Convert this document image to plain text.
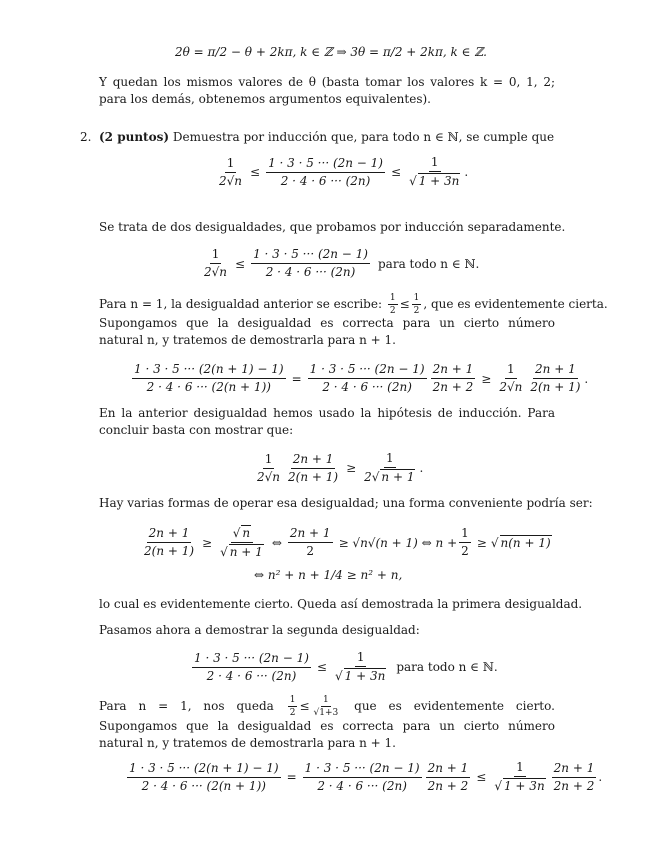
2θ = π/2 − θ + 2kπ, k ∈ ℤ ⇒ 3θ = π/2 + 2kπ, k ∈ ℤ.
Y quedan los mismos valores de θ (basta tomar los valores k = 0, 1, 2; para los demás, obtenemos argumentos equivalentes).
2. (2 puntos) Demuestra por inducción que, para todo n ∈ ℕ, se cumple que
$\frac{1}{2√n} \le \frac{1 \cdot 3 \cdot 5 \cdot\cdot\cdot (2n - 1)}{2 \cdot 4 \cdot 6 \cdot\cdot\cdot (2n)} \le \frac{1}{√ 1 + 3n}$ .
Se trata de dos desigualdades, que probamos por inducción separadamente.
$\frac{1}{2√n} \le \frac{1 \cdot 3 \cdot 5 \cdot\cdot\cdot (2n - 1)}{2 \cdot 4 \cdot 6 \cdot\cdot\cdot (2n)}$ para todo n ∈ ℕ.
Para n = 1, la desigualdad anterior se escribe: $\frac{1}{2} \le \frac{1}{2}$ , que es evidentemente cierta.
Supongamos que la desigualdad es correcta para un cierto número natural n, y tratemos de demostrarla para n + 1.
$\frac{1 \cdot 3 \cdot 5 \cdot\cdot\cdot (2(n + 1) - 1)}{2 \cdot 4 \cdot 6 \cdot\cdot\cdot (2(n + 1))} = \frac{1 \cdot 3 \cdot 5 \cdot\cdot\cdot (2n - 1)}{2 \cdot 4 \cdot 6 \cdot\cdot\cdot (2n)} \frac{2n + 1}{2n + 2} \ge \frac{1}{2√n} \frac{2n + 1}{2(n + 1)}$ .
En la anterior desigualdad hemos usado la hipótesis de inducción. Para concluir basta con mostrar que:
$\frac{1}{2√n} \frac{2n + 1}{2(n + 1)} \ge \frac{1}{2√ n + 1}$ .
Hay varias formas de operar esa desigualdad; una forma conveniente podría ser:
$\frac{2n + 1}{2(n + 1)} \ge \frac{√ n}{√ n + 1}$ ⇔ $\frac{2n + 1}{2} \ge √n√(n + 1)$ ⇔ $n + \frac{1}{2}$ ≥ √ n(n + 1)
⇔ n² + n + 1/4 ≥ n² + n,
lo cual es evidentemente cierto. Queda así demostrada la primera desigualdad.
Pasamos ahora a demostrar la segunda desigualdad:
$\frac{1 \cdot 3 \cdot 5 \cdot\cdot\cdot (2n - 1)}{2 \cdot 4 \cdot 6 \cdot\cdot\cdot (2n)} \le \frac{1}{√ 1 + 3n}$ para todo n ∈ ℕ.
Para n = 1, nos queda $\frac{1}{2} \le \frac{1}{√1+3}$ que es evidentemente cierto. Supongamos que la desigualdad es correcta para un cierto número natural n, y tratemos de demostrarla para n + 1.
$\frac{1 \cdot 3 \cdot 5 \cdot\cdot\cdot (2(n + 1) - 1)}{2 \cdot 4 \cdot 6 \cdot\cdot\cdot (2(n + 1))} = \frac{1 \cdot 3 \cdot 5 \cdot\cdot\cdot (2n - 1)}{2 \cdot 4 \cdot 6 \cdot\cdot\cdot (2n)} \frac{2n + 1}{2n + 2} \le \frac{1}{√ 1 + 3n} \frac{2n + 1}{2n + 2}$ .
